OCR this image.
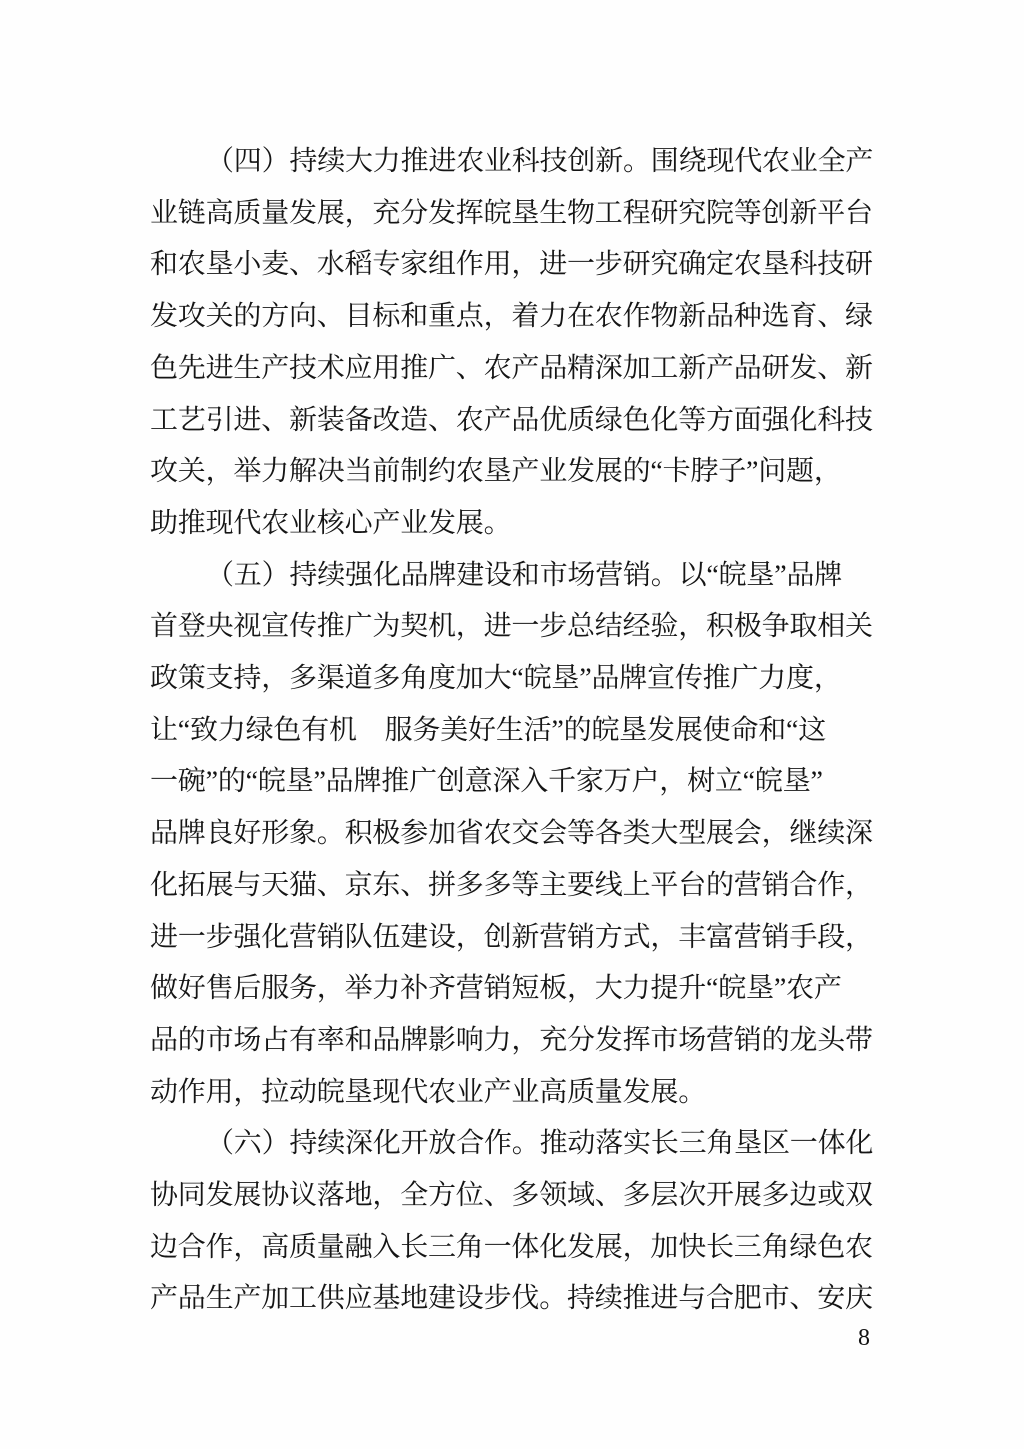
（四）持续大力推进农业科技创新。围绕现代农业全产
业链高质量发展，充分发挥皖垦生物工程研究院等创新平台
和农垦小麦、水稻专家组作用，进一步研究确定农垦科技研
发攻关的方向、目标和重点，着力在农作物新品种选育、绿
色先进生产技术应用推广、农产品精深加工新产品研发、新
工艺引进、新装备改造、农产品优质绿色化等方面强化科技
攻关，举力解决当前制约农垦产业发展的“卡脖子”问题，
助推现代农业核心产业发展。
（五）持续强化品牌建设和市场营销。以“皖垦”品牌
首登央视宣传推广为契机，进一步总结经验，积极争取相关
政策支持，多渠道多角度加大“皖垦”品牌宣传推广力度，
让“致力绿色有机　服务美好生活”的皖垦发展使命和“这
一碗”的“皖垦”品牌推广创意深入千家万户，树立“皖垦”
品牌良好形象。积极参加省农交会等各类大型展会，继续深
化拓展与天猫、京东、拼多多等主要线上平台的营销合作，
进一步强化营销队伍建设，创新营销方式，丰富营销手段，
做好售后服务，举力补齐营销短板，大力提升“皖垦”农产
品的市场占有率和品牌影响力，充分发挥市场营销的龙头带
动作用，拉动皖垦现代农业产业高质量发展。
（六）持续深化开放合作。推动落实长三角垦区一体化
协同发展协议落地，全方位、多领域、多层次开展多边或双
边合作，高质量融入长三角一体化发展，加快长三角绿色农
产品生产加工供应基地建设步伐。持续推进与合肥市、安庆
8
